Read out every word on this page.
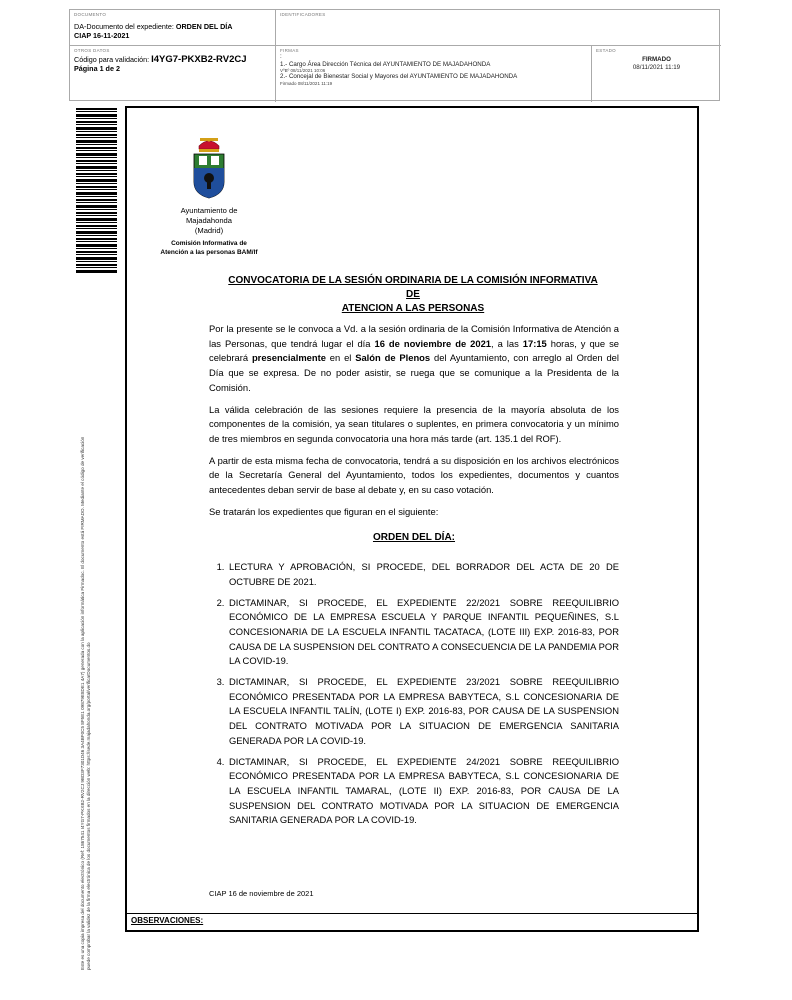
DOCUMENTO
DA-Documento del expediente: ORDEN DEL DÍA
CIAP 16-11-2021
IDENTIFICADORES
OTROS DATOS
Código para validación: I4YG7-PKXB2-RV2CJ
Página 1 de 2
FIRMAS
:
1.- Cargo Área Dirección Técnica del AYUNTAMIENTO DE MAJADAHONDA
VºBº 08/11/2021 10:06
2.- Concejal de Bienestar Social y Mayores del AYUNTAMIENTO DE MAJADAHONDA
Firmado 08/11/2021 11:19
ESTADO
FIRMADO
08/11/2021 11:19
Este es una copia impresa del documento electrónico (Ref: 1867541 I4YG7-PKXB2-RV2CJ 9BD3F7301D46 3A4BF0C5 8F5E1 09879E8DE1 4A7) generada con la aplicación informática Firmadoc. El documento está FIRMADO. Mediante el código de verificación puede comprobar la validez de la firma electrónica de los documentos firmados en la dirección web: https://sede.majadahonda.org/portal/verificarDocumentos.do
Ayuntamiento de
Majadahonda
(Madrid)
Comisión Informativa de
Atención a las personas BAM/lf
CONVOCATORIA DE LA SESIÓN ORDINARIA DE LA COMISIÓN INFORMATIVA DE
ATENCION A LAS PERSONAS

Por la presente se le convoca a Vd. a la sesión ordinaria de la Comisión Informativa de Atención a las Personas, que tendrá lugar el día 16 de noviembre de 2021, a las 17:15 horas, y que se celebrará presencialmente en el Salón de Plenos del Ayuntamiento, con arreglo al Orden del Día que se expresa. De no poder asistir, se ruega que se comunique a la Presidenta de la Comisión.

La válida celebración de las sesiones requiere la presencia de la mayoría absoluta de los componentes de la comisión, ya sean titulares o suplentes, en primera convocatoria y un mínimo de tres miembros en segunda convocatoria una hora más tarde (art. 135.1 del ROF).

A partir de esta misma fecha de convocatoria, tendrá a su disposición en los archivos electrónicos de la Secretaría General del Ayuntamiento, todos los expedientes, documentos y cuantos antecedentes deban servir de base al debate y, en su caso votación.

Se tratarán los expedientes que figuran en el siguiente:

ORDEN DEL DÍA:
1. LECTURA Y APROBACIÓN, SI PROCEDE, DEL BORRADOR DEL ACTA DE 20 DE OCTUBRE DE 2021.
2. DICTAMINAR, SI PROCEDE, EL EXPEDIENTE 22/2021 SOBRE REEQUILIBRIO ECONÓMICO DE LA EMPRESA ESCUELA Y PARQUE INFANTIL PEQUEÑINES, S.L CONCESIONARIA DE LA ESCUELA INFANTIL TACATACA, (LOTE III) EXP. 2016-83, POR CAUSA DE LA SUSPENSION DEL CONTRATO A CONSECUENCIA DE LA PANDEMIA POR LA COVID-19.
3. DICTAMINAR, SI PROCEDE, EL EXPEDIENTE 23/2021 SOBRE REEQUILIBRIO ECONÓMICO PRESENTADA POR LA EMPRESA BABYTECA, S.L CONCESIONARIA DE LA ESCUELA INFANTIL TALÍN, (LOTE I) EXP. 2016-83, POR CAUSA DE LA SUSPENSION DEL CONTRATO MOTIVADA POR LA SITUACION DE EMERGENCIA SANITARIA GENERADA POR LA COVID-19.
4. DICTAMINAR, SI PROCEDE, EL EXPEDIENTE 24/2021 SOBRE REEQUILIBRIO ECONÓMICO PRESENTADA POR LA EMPRESA BABYTECA, S.L CONCESIONARIA DE LA ESCUELA INFANTIL TAMARAL, (LOTE II) EXP. 2016-83, POR CAUSA DE LA SUSPENSION DEL CONTRATO MOTIVADA POR LA SITUACION DE EMERGENCIA SANITARIA GENERADA POR LA COVID-19.
CIAP 16 de noviembre de 2021
OBSERVACIONES:
